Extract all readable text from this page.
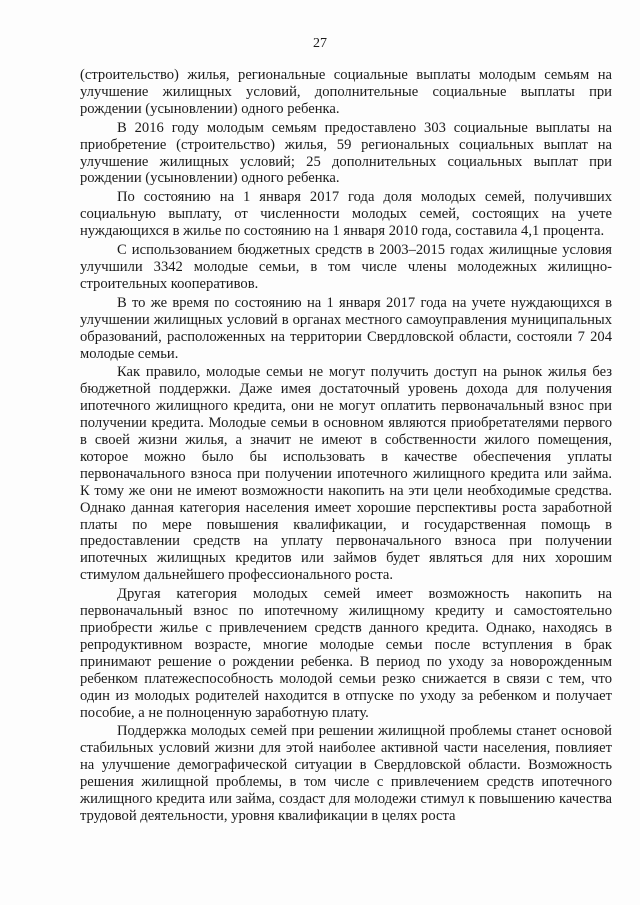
27

(строительство) жилья, региональные социальные выплаты молодым семьям на улучшение жилищных условий, дополнительные социальные выплаты при рождении (усыновлении) одного ребенка.

В 2016 году молодым семьям предоставлено 303 социальные выплаты на приобретение (строительство) жилья, 59 региональных социальных выплат на улучшение жилищных условий; 25 дополнительных социальных выплат при рождении (усыновлении) одного ребенка.

По состоянию на 1 января 2017 года доля молодых семей, получивших социальную выплату, от численности молодых семей, состоящих на учете нуждающихся в жилье по состоянию на 1 января 2010 года, составила 4,1 процента.

С использованием бюджетных средств в 2003–2015 годах жилищные условия улучшили 3342 молодые семьи, в том числе члены молодежных жилищно-строительных кооперативов.

В то же время по состоянию на 1 января 2017 года на учете нуждающихся в улучшении жилищных условий в органах местного самоуправления муниципальных образований, расположенных на территории Свердловской области, состояли 7 204 молодые семьи.

Как правило, молодые семьи не могут получить доступ на рынок жилья без бюджетной поддержки. Даже имея достаточный уровень дохода для получения ипотечного жилищного кредита, они не могут оплатить первоначальный взнос при получении кредита. Молодые семьи в основном являются приобретателями первого в своей жизни жилья, а значит не имеют в собственности жилого помещения, которое можно было бы использовать в качестве обеспечения уплаты первоначального взноса при получении ипотечного жилищного кредита или займа. К тому же они не имеют возможности накопить на эти цели необходимые средства. Однако данная категория населения имеет хорошие перспективы роста заработной платы по мере повышения квалификации, и государственная помощь в предоставлении средств на уплату первоначального взноса при получении ипотечных жилищных кредитов или займов будет являться для них хорошим стимулом дальнейшего профессионального роста.

Другая категория молодых семей имеет возможность накопить на первоначальный взнос по ипотечному жилищному кредиту и самостоятельно приобрести жилье с привлечением средств данного кредита. Однако, находясь в репродуктивном возрасте, многие молодые семьи после вступления в брак принимают решение о рождении ребенка. В период по уходу за новорожденным ребенком платежеспособность молодой семьи резко снижается в связи с тем, что один из молодых родителей находится в отпуске по уходу за ребенком и получает пособие, а не полноценную заработную плату.

Поддержка молодых семей при решении жилищной проблемы станет основой стабильных условий жизни для этой наиболее активной части населения, повлияет на улучшение демографической ситуации в Свердловской области. Возможность решения жилищной проблемы, в том числе с привлечением средств ипотечного жилищного кредита или займа, создаст для молодежи стимул к повышению качества трудовой деятельности, уровня квалификации в целях роста
